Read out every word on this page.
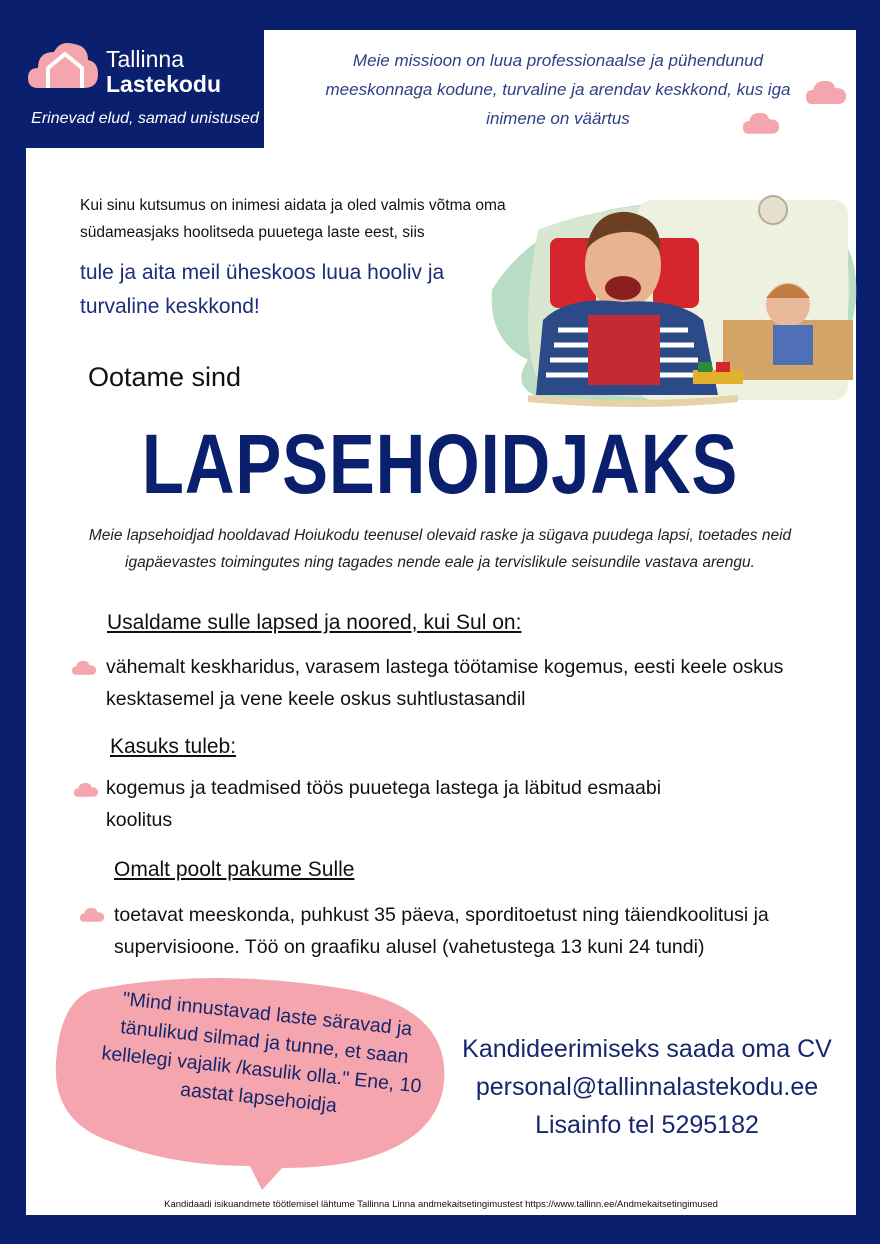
Tallinna
Lastekodu
Erinevad elud, samad unistused
Meie missioon on luua professionaalse ja pühendunud meeskonnaga kodune, turvaline ja arendav keskkond, kus iga inimene on väärtus
Kui sinu kutsumus on inimesi aidata ja oled valmis võtma oma südameasjaks hoolitseda puuetega laste eest, siis
tule ja aita meil üheskoos luua hooliv ja turvaline keskkond!
Ootame sind
LAPSEHOIDJAKS
Meie lapsehoidjad hooldavad Hoiukodu teenusel olevaid raske ja sügava puudega lapsi, toetades neid igapäevastes toimingutes ning tagades nende eale ja tervislikule seisundile vastava arengu.
Usaldame sulle lapsed ja noored, kui Sul on:
vähemalt keskharidus, varasem lastega töötamise kogemus, eesti keele oskus kesktasemel ja vene keele oskus suhtlustasandil
Kasuks tuleb:
kogemus ja teadmised töös puuetega lastega ja läbitud esmaabi koolitus
Omalt poolt pakume Sulle
toetavat meeskonda, puhkust 35 päeva, sporditoetust ning täiendkoolitusi ja supervisioone. Töö on graafiku alusel (vahetustega 13 kuni 24 tundi)
"Mind innustavad laste säravad ja tänulikud silmad ja tunne, et saan kellelegi vajalik /kasulik olla." Ene, 10 aastat lapsehoidja
Kandideerimiseks saada oma CV
personal@tallinnalastekodu.ee
Lisainfo tel 5295182
Kandidaadi isikuandmete töötlemisel lähtume Tallinna Linna andmekaitsetingimustest https://www.tallinn.ee/Andmekaitsetingimused
